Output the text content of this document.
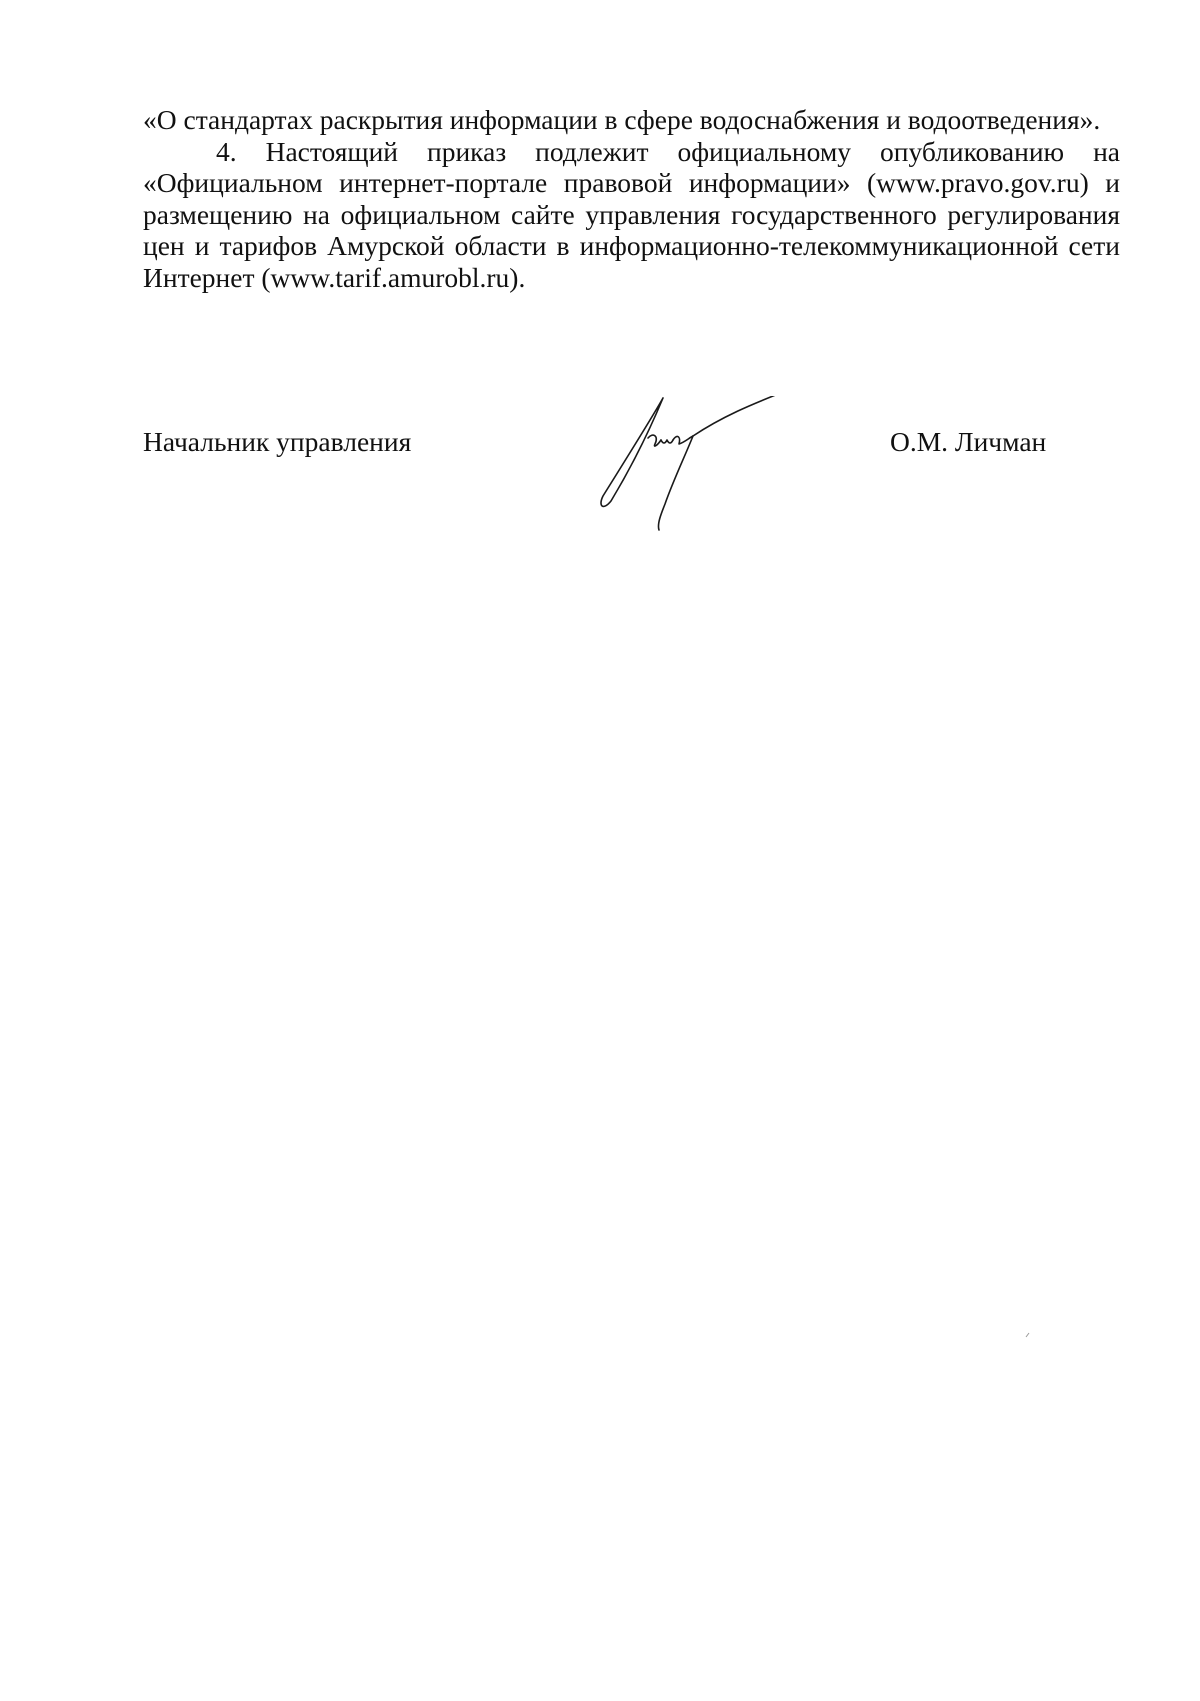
«О стандартах раскрытия информации в сфере водоснабжения и водоотведения».

4. Настоящий приказ подлежит официальному опубликованию на «Официальном интернет-портале правовой информации» (www.pravo.gov.ru) и размещению на официальном сайте управления государственного регулирования цен и тарифов Амурской области в информационно-телекоммуникационной сети Интернет (www.tarif.amurobl.ru).

Начальник управления	О.М. Личман
